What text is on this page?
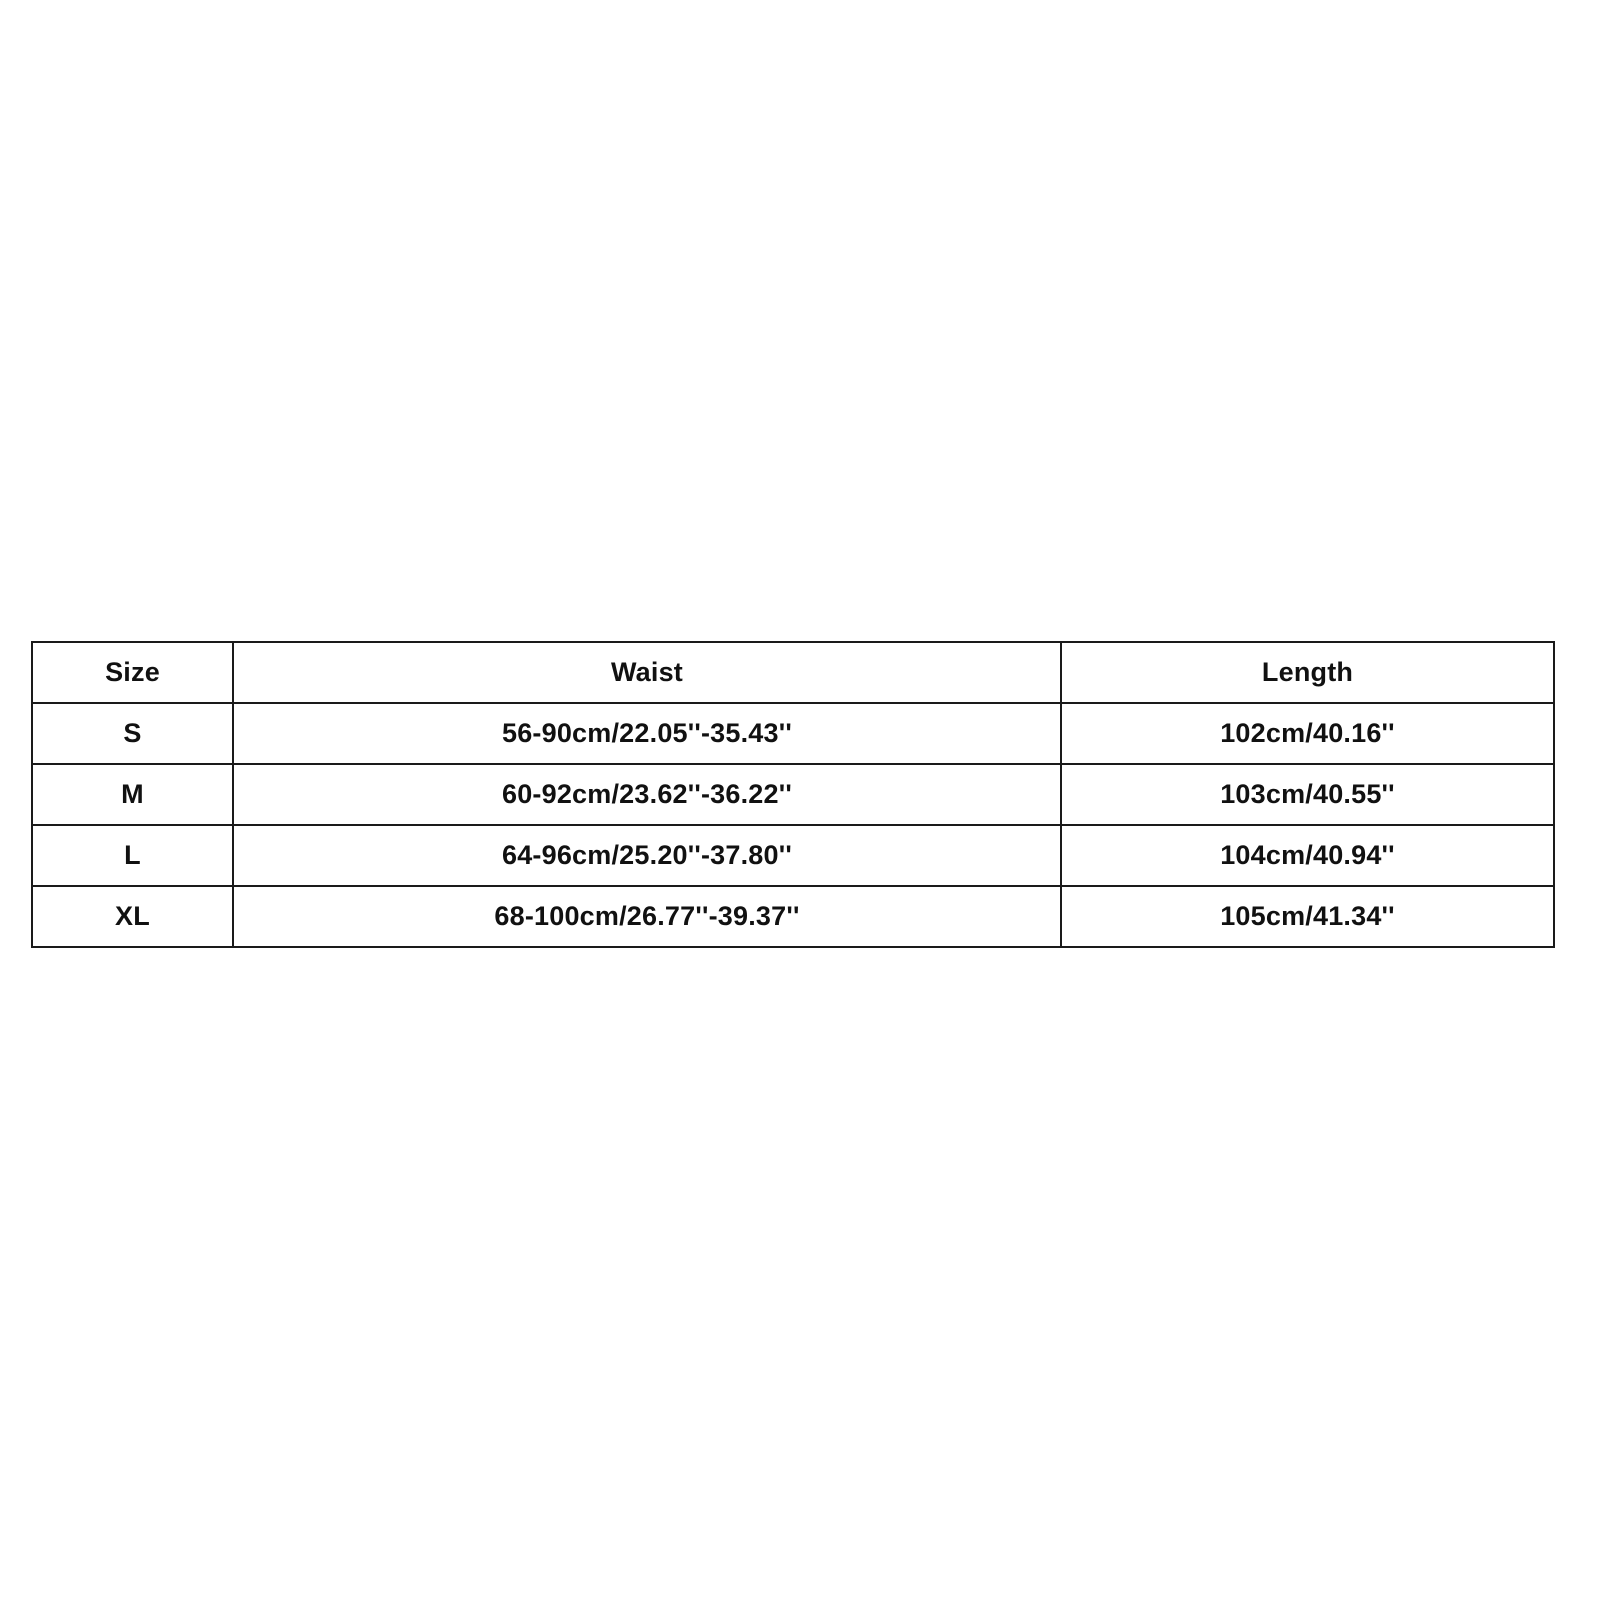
Size	Waist	Length
S	56-90cm/22.05''-35.43''	102cm/40.16''
M	60-92cm/23.62''-36.22''	103cm/40.55''
L	64-96cm/25.20''-37.80''	104cm/40.94''
XL	68-100cm/26.77''-39.37''	105cm/41.34''
